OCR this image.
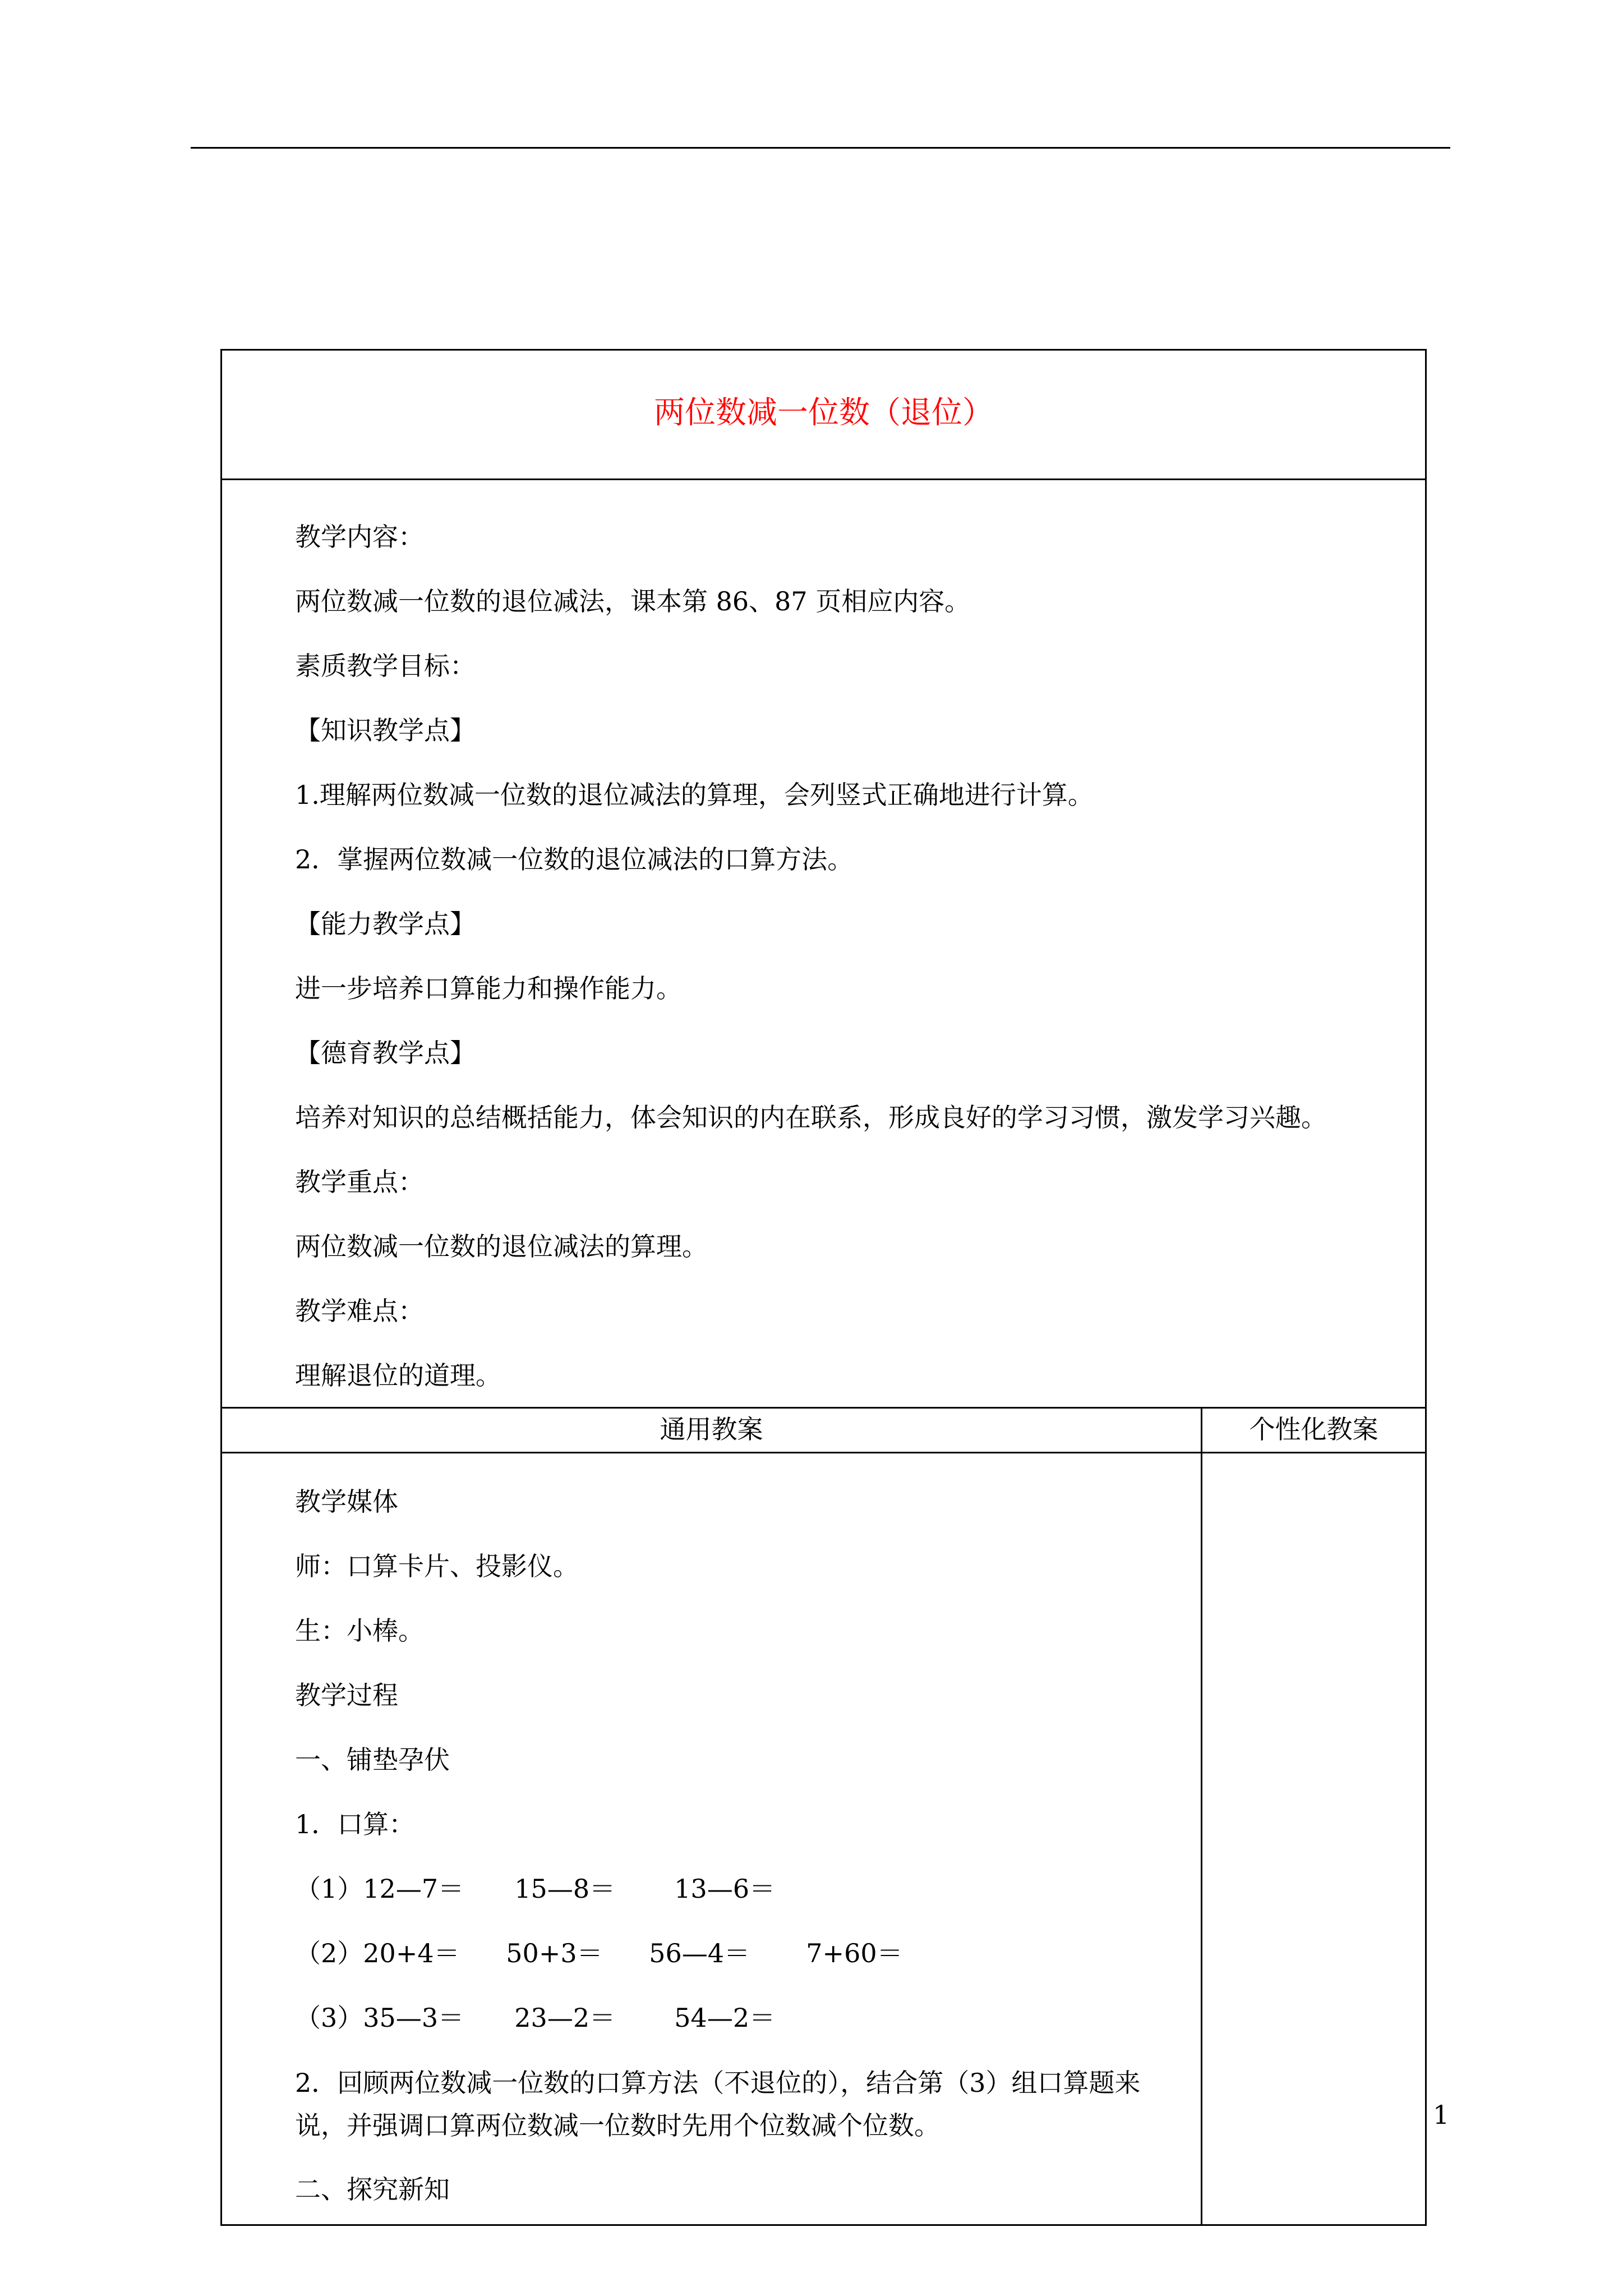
两位数减一位数（退位）
教学内容：
两位数减一位数的退位减法，课本第 86、87 页相应内容。
素质教学目标：
【知识教学点】
1.理解两位数减一位数的退位减法的算理，会列竖式正确地进行计算。
2．掌握两位数减一位数的退位减法的口算方法。
【能力教学点】
进一步培养口算能力和操作能力。
【德育教学点】
培养对知识的总结概括能力，体会知识的内在联系，形成良好的学习习惯，激发学习兴趣。
教学重点：
两位数减一位数的退位减法的算理。
教学难点：
理解退位的道理。
通用教案	个性化教案
教学媒体
师：口算卡片、投影仪。
生：小棒。
教学过程
一、铺垫孕伏
1．口算：
（1）12—7＝ 15—8＝ 13—6＝
（2）20+4＝ 50+3＝ 56—4＝ 7+60＝
（3）35—3＝ 23—2＝ 54—2＝
2．回顾两位数减一位数的口算方法（不退位的），结合第（3）组口算题来说，并强调口算两位数减一位数时先用个位数减个位数。
二、探究新知
1
